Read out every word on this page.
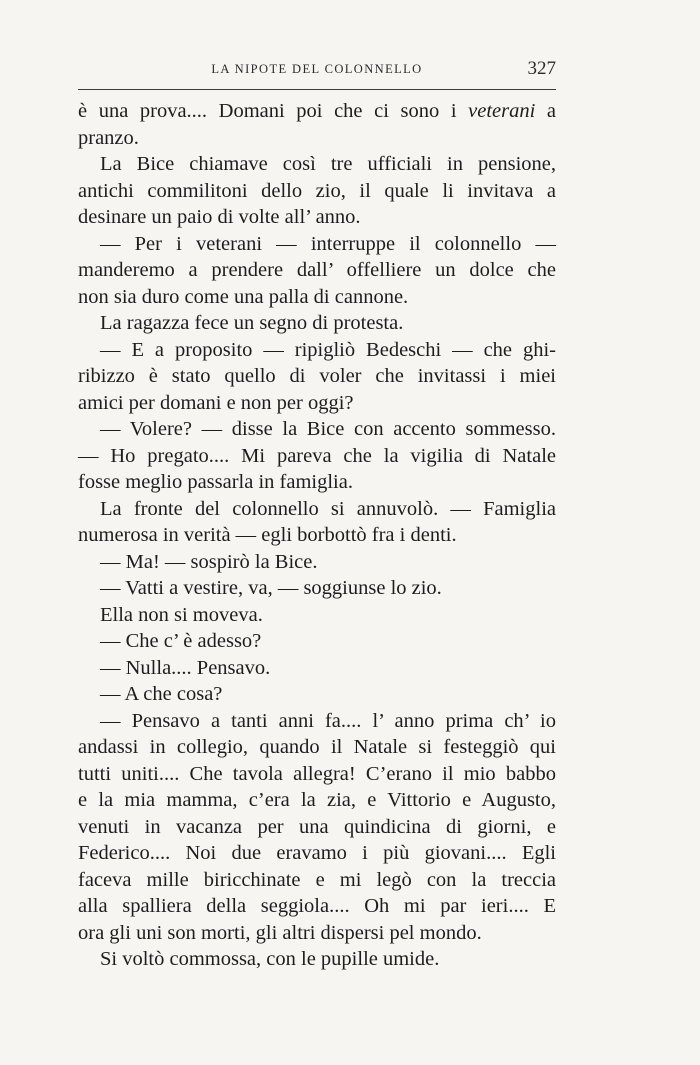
LA NIPOTE DEL COLONNELLO	327
è una prova.... Domani poi che ci sono i veterani a
pranzo.
La Bice chiamave così tre ufficiali in pensione,
antichi commilitoni dello zio, il quale li invitava a
desinare un paio di volte all’ anno.
— Per i veterani — interruppe il colonnello —
manderemo a prendere dall’ offelliere un dolce che
non sia duro come una palla di cannone.
La ragazza fece un segno di protesta.
— E a proposito — ripigliò Bedeschi — che ghi-
ribizzo è stato quello di voler che invitassi i miei
amici per domani e non per oggi?
— Volere? — disse la Bice con accento sommesso.
— Ho pregato.... Mi pareva che la vigilia di Natale
fosse meglio passarla in famiglia.
La fronte del colonnello si annuvolò. — Famiglia
numerosa in verità — egli borbottò fra i denti.
— Ma! — sospirò la Bice.
— Vatti a vestire, va, — soggiunse lo zio.
Ella non si moveva.
— Che c’ è adesso?
— Nulla.... Pensavo.
— A che cosa?
— Pensavo a tanti anni fa.... l’ anno prima ch’ io
andassi in collegio, quando il Natale si festeggiò qui
tutti uniti.... Che tavola allegra! C’erano il mio babbo
e la mia mamma, c’era la zia, e Vittorio e Augusto,
venuti in vacanza per una quindicina di giorni, e
Federico.... Noi due eravamo i più giovani.... Egli
faceva mille biricchinate e mi legò con la treccia
alla spalliera della seggiola.... Oh mi par ieri.... E
ora gli uni son morti, gli altri dispersi pel mondo.
Si voltò commossa, con le pupille umide.
